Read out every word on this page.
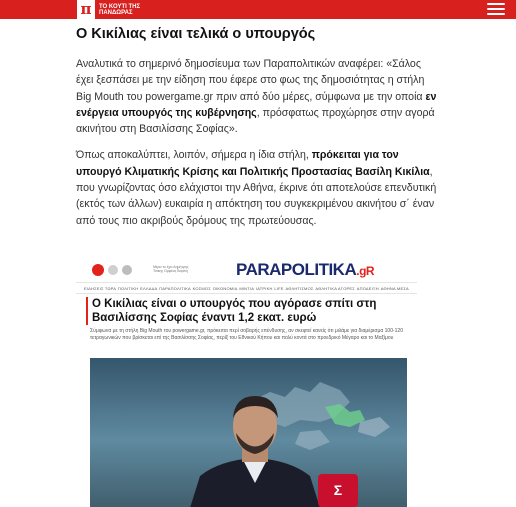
π	ΤΟ ΚΟΥΤΙ ΤΗΣ ΠΑΝΔΩΡΑΣ
Ο Κικίλιας είναι τελικά ο υπουργός

Αναλυτικά το σημερινό δημοσίευμα των Παραπολιτικών αναφέρει: «Σάλος έχει ξεσπάσει με την είδηση που έφερε στο φως της δημοσιότητας η στήλη Big Mouth του powergame.gr πριν από δύο μέρες, σύμφωνα με την οποία εν ενέργεια υπουργός της κυβέρνησης, πρόσφατως προχώρησε στην αγορά ακινήτου στη Βασιλίσσης Σοφίας».

Όπως αποκαλύπτει, λοιπόν, σήμερα η ίδια στήλη, πρόκειται για τον υπουργό Κλιματικής Κρίσης και Πολιτικής Προστασίας Βασίλη Κικίλια, που γνωρίζοντας όσο ελάχιστοι την Αθήνα, έκρινε ότι αποτελούσε επενδυτική (εκτός των άλλων) ευκαιρία η απόκτηση του συγκεκριμένου ακινήτου σ΄ έναν από τους πιο ακριβούς δρόμους της πρωτεύουσας.

Μέρα το έχει Δημήτρης Τσίκης Ορφέας Βαρίνη	PARAPOLITIKA.gR
ΕΙΔΗΣΕΙΣ ΤΩΡΑ ΠΟΛΙΤΙΚΗ ΕΛΛΑΔΑ ΠΑΡΑΠΟΛΙΤΙΚΑ ΚΟΣΜΟΣ ΟΙΚΟΝΟΜΙΑ ΜΙΝΤΙΑ ΙΑΤΡΙΚΗ LIFE ΑΘΛΗΤΙΣΜΟΣ ΑΘΛΗΤΙΚΑ ΑΓΟΡΕΣ ΑΠΟΔΕΙΞΗ ΑΘΗΝΑ ΜΕΣΑ
Ο Κικίλιας είναι ο υπουργός που αγόρασε σπίτι στη Βασιλίσσης Σοφίας έναντι 1,2 εκατ. ευρώ
Σύμφωνα με τη στήλη Big Mouth του powergame.gr, πρόκειται περί σοβαρής επένδυσης, αν σκεφτεί κανείς ότι μιλάμε για διαμέρισμα 100-120 τετραγωνικών που βρίσκεται επί της Βασιλίσσης Σοφίας, περίξ του Εθνικού Κήπου και πολύ κοντά στο προεδρικό Μέγαρο και το Μαξίμου
Σ
